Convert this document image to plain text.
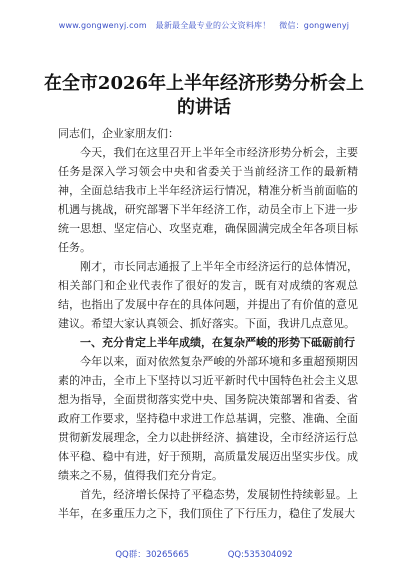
www.gongwenyj.com 最新最全最专业的公文资料库！ 微信：gongwenyj
在全市2026年上半年经济形势分析会上的讲话

同志们，企业家朋友们：

今天，我们在这里召开上半年全市经济形势分析会，主要任务是深入学习领会中央和省委关于当前经济工作的最新精神，全面总结我市上半年经济运行情况，精准分析当前面临的机遇与挑战，研究部署下半年经济工作，动员全市上下进一步统一思想、坚定信心、攻坚克难，确保圆满完成全年各项目标任务。

刚才，市长同志通报了上半年全市经济运行的总体情况，相关部门和企业代表作了很好的发言，既有对成绩的客观总结，也指出了发展中存在的具体问题，并提出了有价值的意见建议。希望大家认真领会、抓好落实。下面，我讲几点意见。

一、充分肯定上半年成绩，在复杂严峻的形势下砥砺前行

今年以来，面对依然复杂严峻的外部环境和多重超预期因素的冲击，全市上下坚持以习近平新时代中国特色社会主义思想为指导，全面贯彻落实党中央、国务院决策部署和省委、省政府工作要求，坚持稳中求进工作总基调，完整、准确、全面贯彻新发展理念，全力以赴拼经济、搞建设，全市经济运行总体平稳、稳中有进，好于预期，高质量发展迈出坚实步伐。成绩来之不易，值得我们充分肯定。

首先，经济增长保持了平稳态势，发展韧性持续彰显。上半年，在多重压力之下，我们顶住了下行压力，稳住了发展大

QQ群：30265665	QQ:535304092
